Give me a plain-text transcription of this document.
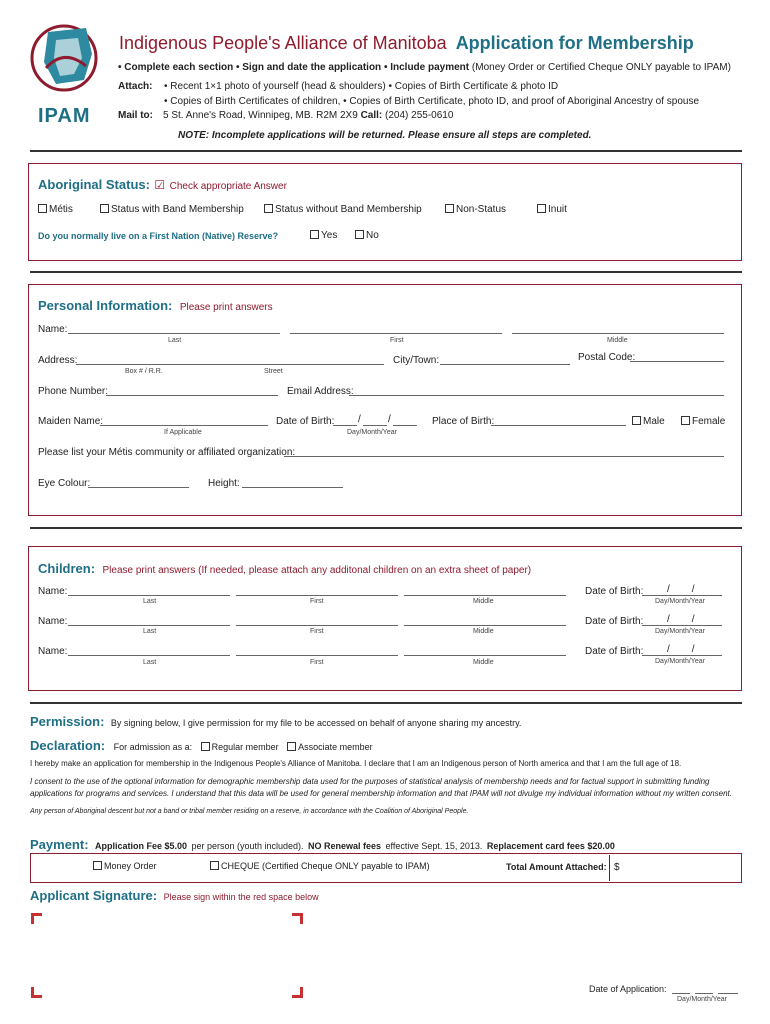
IPAM
Indigenous People's Alliance of Manitoba Application for Membership
• Complete each section • Sign and date the application • Include payment (Money Order or Certified Cheque ONLY payable to IPAM)
Attach: • Recent 1×1 photo of yourself (head & shoulders) • Copies of Birth Certificate & photo ID
• Copies of Birth Certificates of children, • Copies of Birth Certificate, photo ID, and proof of Aboriginal Ancestry of spouse
Mail to: 5 St. Anne's Road, Winnipeg, MB. R2M 2X9 Call: (204) 255-0610
NOTE: Incomplete applications will be returned. Please ensure all steps are completed.
Aboriginal Status: ☑ Check appropriate Answer
Métis	Status with Band Membership	Status without Band Membership	Non-Status	Inuit
Do you normally live on a First Nation (Native) Reserve?	Yes	No
Personal Information: Please print answers
Name:
Last	First	Middle
Address:
Box # / R.R.	Street
City/Town:	Postal Code:
Phone Number:	Email Address:
Maiden Name:
If Applicable
Date of Birth: /	/
Day/Month/Year
Place of Birth:	Male	Female
Please list your Métis community or affiliated organization:
Eye Colour:	Height:
Children: Please print answers (If needed, please attach any additonal children on an extra sheet of paper)
Name:
Last	First	Middle
Date of Birth: //
Day/Month/Year
Name:
Last	First	Middle
Date of Birth: //
Day/Month/Year
Name:
Last	First	Middle
Date of Birth: //
Day/Month/Year
Permission: By signing below, I give permission for my file to be accessed on behalf of anyone sharing my ancestry.
Declaration: For admission as a: Regular member Associate member
I hereby make an application for membership in the Indigenous People's Alliance of Manitoba. I declare that I am an Indigenous person of North america and that I am the full age of 18.
I consent to the use of the optional information for demographic membership data used for the purposes of statistical analysis of membership needs and for factual support in submitting funding applications for programs and services. I understand that this data will be used for general membership information and that IPAM will not divulge my individual information without my written consent.
Any person of Aboriginal descent but not a band or tribal member residing on a reserve, in accordance with the Coalition of Aboriginal People.
Payment: Application Fee $5.00 per person (youth included). NO Renewal fees effective Sept. 15, 2013. Replacement card fees $20.00
Money Order	CHEQUE (Certified Cheque ONLY payable to IPAM)	Total Amount Attached: $
Applicant Signature: Please sign within the red space below
Date of Application:
Day/Month/Year
